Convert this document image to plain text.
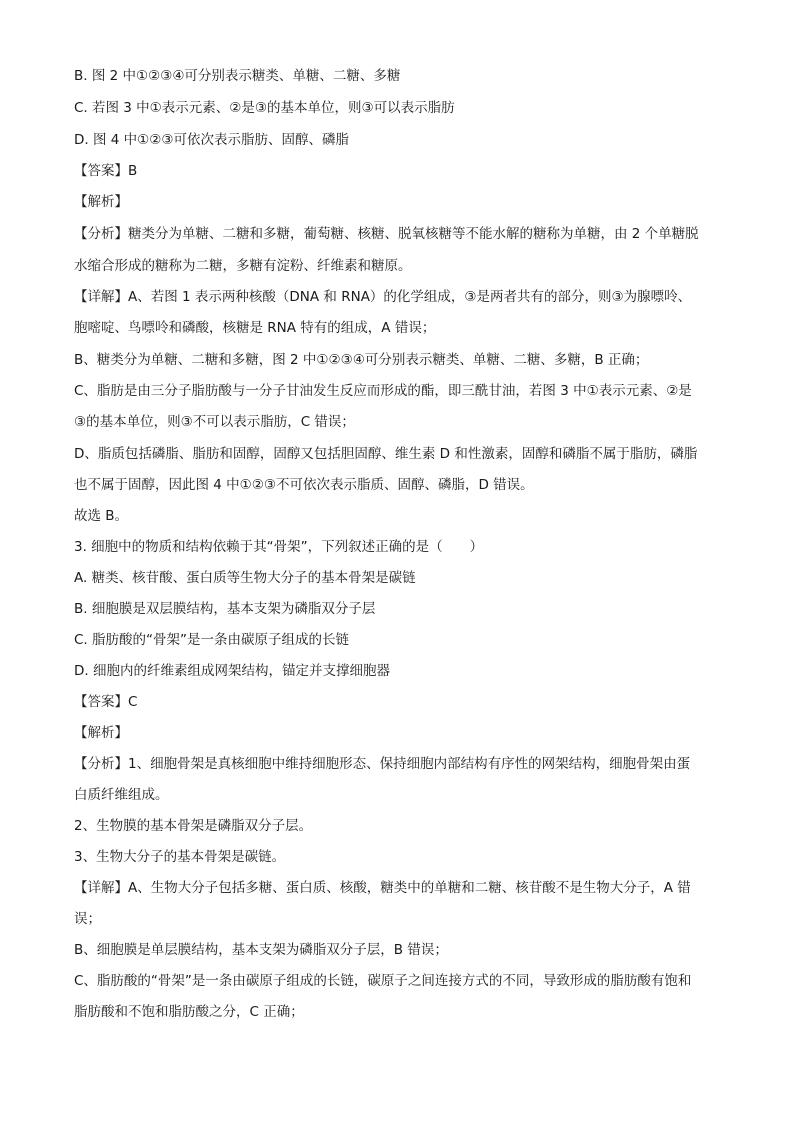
B. 图 2 中①②③④可分别表示糖类、单糖、二糖、多糖
C. 若图 3 中①表示元素、②是③的基本单位，则③可以表示脂肪
D. 图 4 中①②③可依次表示脂肪、固醇、磷脂
【答案】B
【解析】
【分析】糖类分为单糖、二糖和多糖，葡萄糖、核糖、脱氧核糖等不能水解的糖称为单糖，由 2 个单糖脱
水缩合形成的糖称为二糖，多糖有淀粉、纤维素和糖原。
【详解】A、若图 1 表示两种核酸（DNA 和 RNA）的化学组成，③是两者共有的部分，则③为腺嘌呤、
胞嘧啶、鸟嘌呤和磷酸，核糖是 RNA 特有的组成，A 错误；
B、糖类分为单糖、二糖和多糖，图 2 中①②③④可分别表示糖类、单糖、二糖、多糖，B 正确；
C、脂肪是由三分子脂肪酸与一分子甘油发生反应而形成的酯，即三酰甘油，若图 3 中①表示元素、②是
③的基本单位，则③不可以表示脂肪，C 错误；
D、脂质包括磷脂、脂肪和固醇，固醇又包括胆固醇、维生素 D 和性激素，固醇和磷脂不属于脂肪，磷脂
也不属于固醇，因此图 4 中①②③不可依次表示脂质、固醇、磷脂，D 错误。
故选 B。
3. 细胞中的物质和结构依赖于其“骨架”，下列叙述正确的是（　　）
A. 糖类、核苷酸、蛋白质等生物大分子的基本骨架是碳链
B. 细胞膜是双层膜结构，基本支架为磷脂双分子层
C. 脂肪酸的“骨架”是一条由碳原子组成的长链
D. 细胞内的纤维素组成网架结构，锚定并支撑细胞器
【答案】C
【解析】
【分析】1、细胞骨架是真核细胞中维持细胞形态、保持细胞内部结构有序性的网架结构，细胞骨架由蛋
白质纤维组成。
2、生物膜的基本骨架是磷脂双分子层。
3、生物大分子的基本骨架是碳链。
【详解】A、生物大分子包括多糖、蛋白质、核酸，糖类中的单糖和二糖、核苷酸不是生物大分子，A 错
误；
B、细胞膜是单层膜结构，基本支架为磷脂双分子层，B 错误；
C、脂肪酸的“骨架”是一条由碳原子组成的长链，碳原子之间连接方式的不同，导致形成的脂肪酸有饱和
脂肪酸和不饱和脂肪酸之分，C 正确；
